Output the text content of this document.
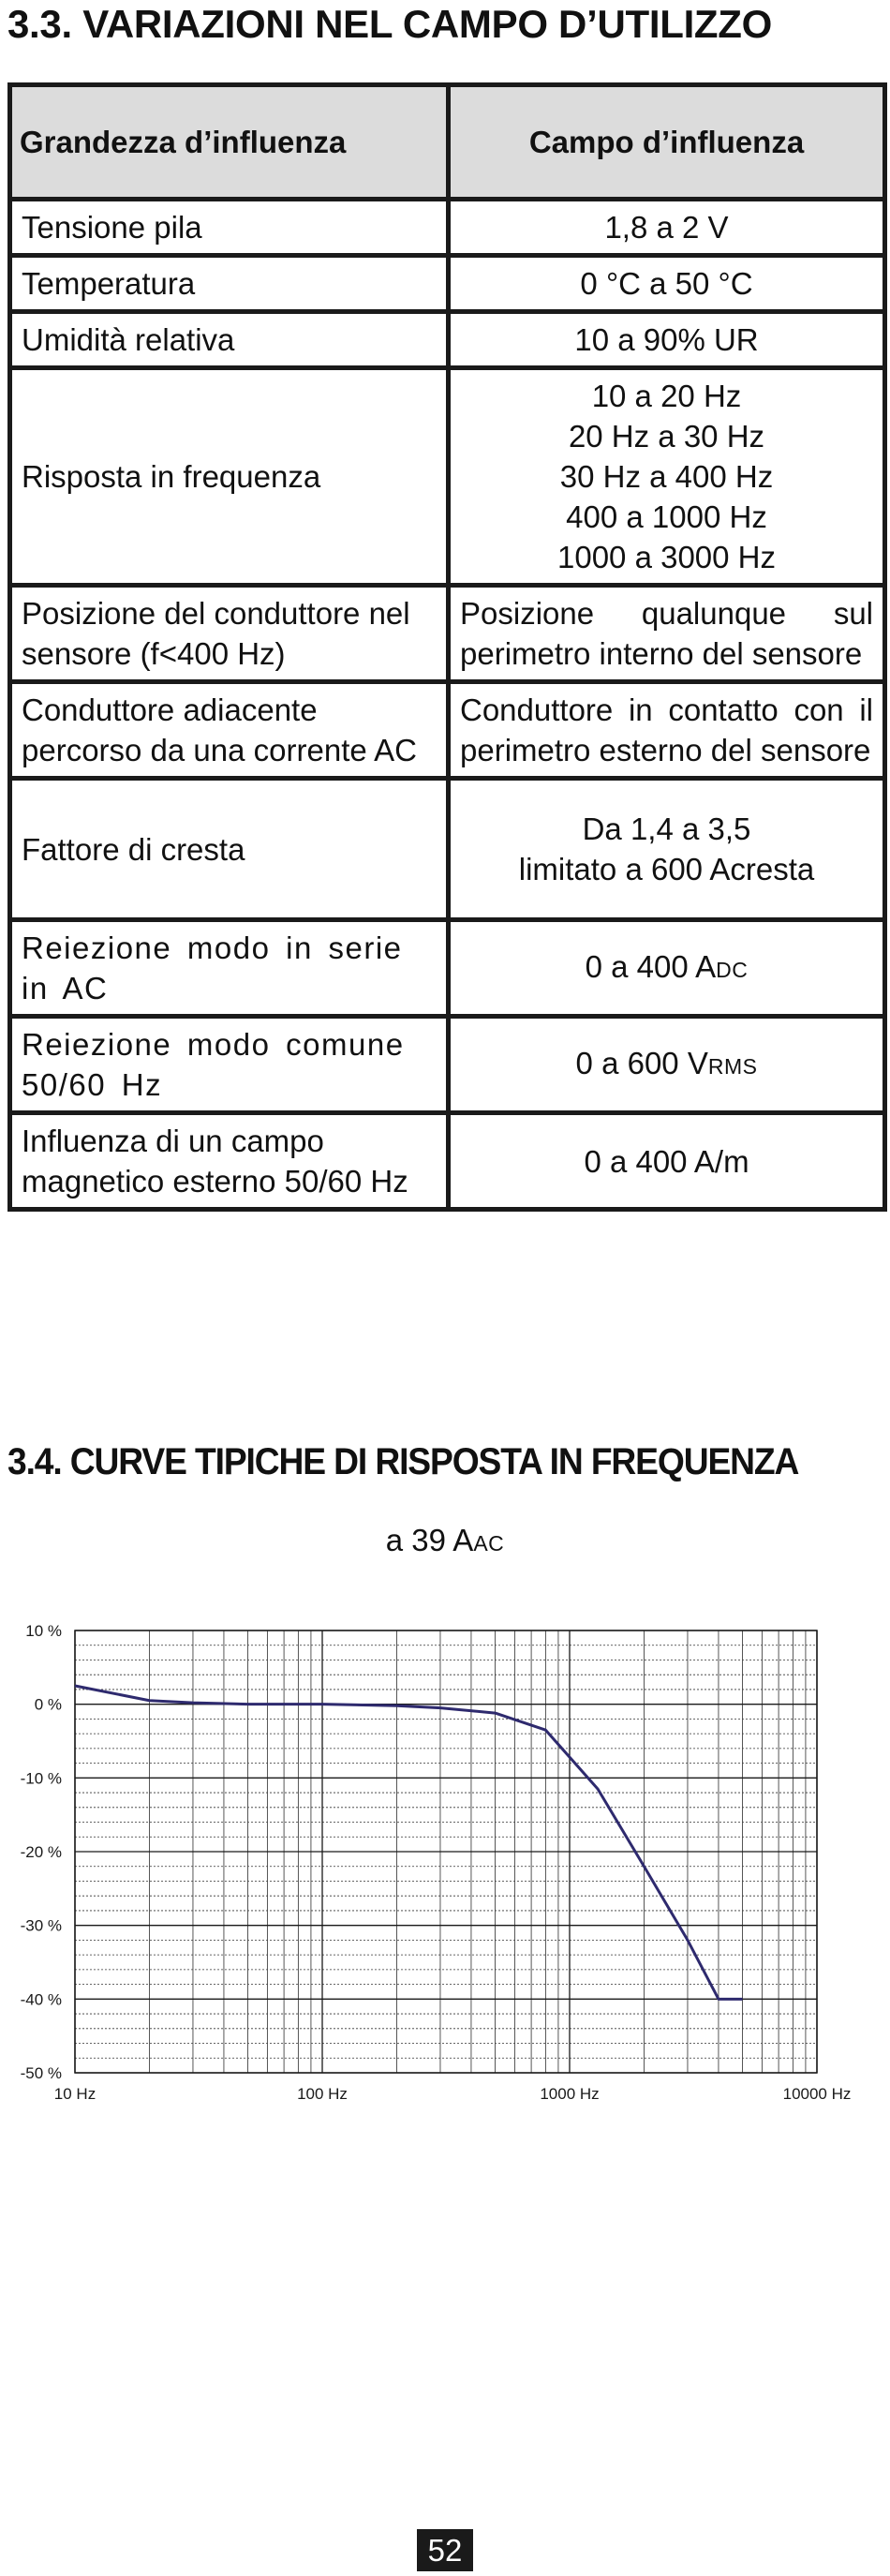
3.3. VARIAZIONI NEL CAMPO D’UTILIZZO
Grandezza d’influenza	Campo d’influenza
Tensione pila	1,8 a 2 V
Temperatura	0 °C a 50 °C
Umidità relativa	10 a 90% UR
Risposta in frequenza	10 a 20 Hz
20 Hz a 30 Hz
30 Hz a 400 Hz
400 a 1000 Hz
1000 a 3000 Hz
Posizione del conduttore nel sensore (f<400 Hz)	Posizione qualunque sul perimetro interno del sensore
Conduttore adiacente percorso da una corrente AC	Conduttore in contatto con il perimetro esterno del sensore
Fattore di cresta	Da 1,4 a 3,5
limitato a 600 Acresta
Reiezione modo in serie in AC	0 a 400 ADC
Reiezione modo comune 50/60 Hz	0 a 600 VRMS
Influenza di un campo magnetico esterno 50/60 Hz	0 a 400 A/m
3.4. CURVE TIPICHE DI RISPOSTA IN FREQUENZA
a 39 AAC
10 %
0 %
-10 %
-20 %
-30 %
-40 %
-50 %
10 Hz	100 Hz	1000 Hz	10000 Hz
52
